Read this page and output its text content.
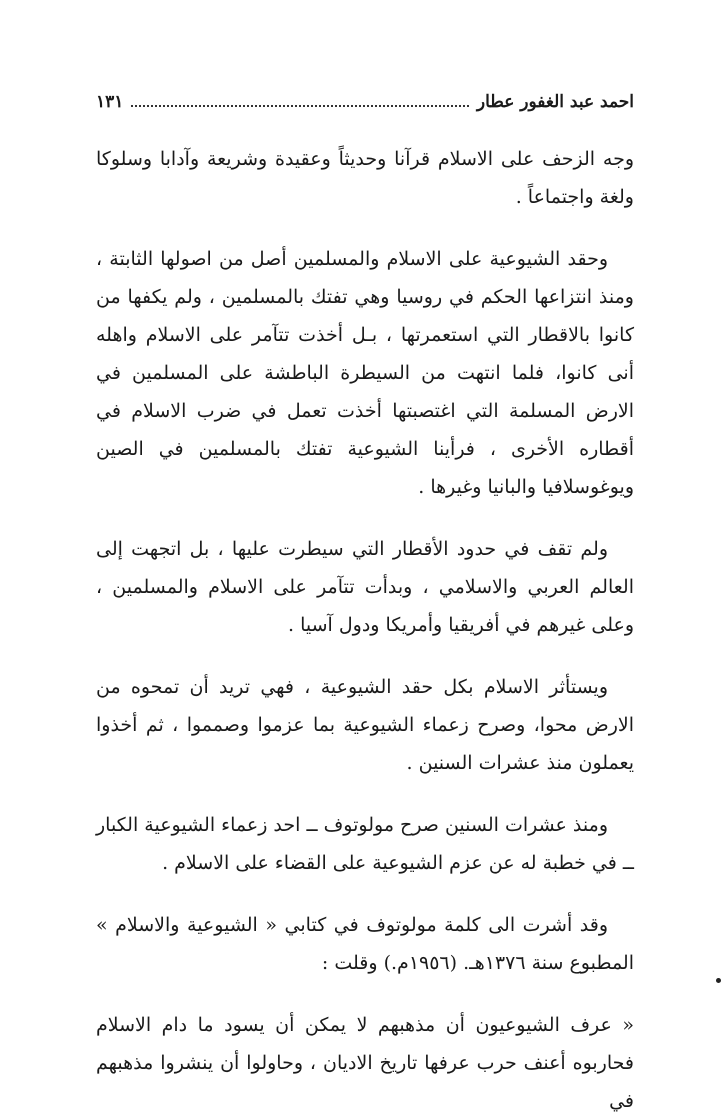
احمد عبد الغفور عطار
١٣١

وجه الزحف على الاسلام قرآنا وحديثاً وعقيدة وشريعة وآدابا وسلوكا ولغة واجتماعاً .

وحقد الشيوعية على الاسلام والمسلمين أصل من اصولها الثابتة ، ومنذ انتزاعها الحكم في روسيا وهي تفتك بالمسلمين ، ولم يكفها من كانوا بالاقطار التي استعمرتها ، بـل أخذت تتآمر على الاسلام واهله أنى كانوا، فلما انتهت من السيطرة الباطشة على المسلمين في الارض المسلمة التي اغتصبتها أخذت تعمل في ضرب الاسلام في أقطاره الأخرى ، فرأينا الشيوعية تفتك بالمسلمين في الصين ويوغوسلافيا والبانيا وغيرها .

ولم تقف في حدود الأقطار التي سيطرت عليها ، بل اتجهت إلى العالم العربي والاسلامي ، وبدأت تتآمر على الاسلام والمسلمين ، وعلى غيرهم في أفريقيا وأمريكا ودول آسيا .

ويستأثر الاسلام بكل حقد الشيوعية ، فهي تريد أن تمحوه من الارض محوا، وصرح زعماء الشيوعية بما عزموا وصمموا ، ثم أخذوا يعملون منذ عشرات السنين .

ومنذ عشرات السنين صرح مولوتوف ــ احد زعماء الشيوعية الكبار ــ في خطبة له عن عزم الشيوعية على القضاء على الاسلام .

وقد أشرت الى كلمة مولوتوف في كتابي « الشيوعية والاسلام » المطبوع سنة ١٣٧٦هـ. (١٩٥٦م.) وقلت :

« عرف الشيوعيون أن مذهبهم لا يمكن أن يسود ما دام الاسلام فحاربوه أعنف حرب عرفها تاريخ الاديان ، وحاولوا أن ينشروا مذهبهم في
